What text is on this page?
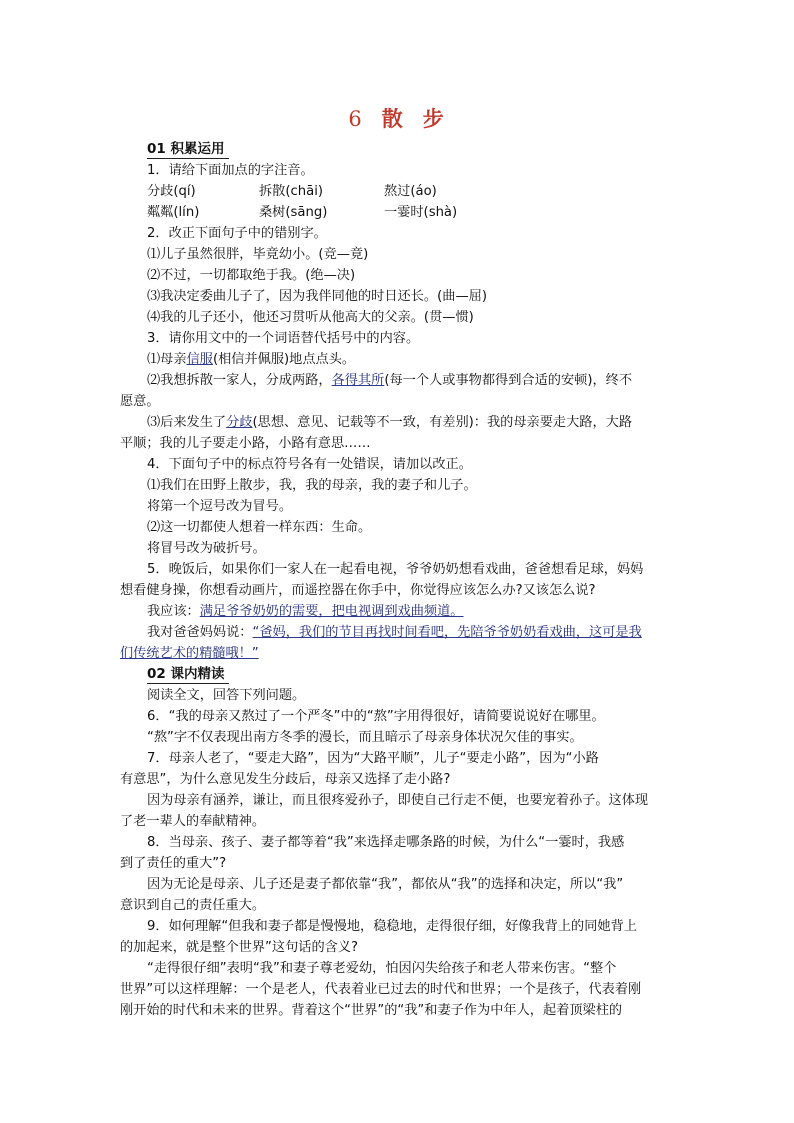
6 散 步
01 积累运用
1．请给下面加点的字注音。
分歧(qí)	拆散(chāi)	熬过(áo)
粼粼(lín)	桑树(sāng)	一霎时(shà)
2．改正下面句子中的错别字。
⑴儿子虽然很胖，毕竟幼小。(竞—竟)
⑵不过，一切都取绝于我。(绝—决)
⑶我决定委曲儿子了，因为我伴同他的时日还长。(曲—屈)
⑷我的儿子还小，他还习贯听从他高大的父亲。(贯—惯)
3．请你用文中的一个词语替代括号中的内容。
⑴母亲信服(相信并佩服)地点点头。
⑵我想拆散一家人，分成两路，各得其所(每一个人或事物都得到合适的安顿)，终不
愿意。
⑶后来发生了分歧(思想、意见、记载等不一致，有差别)：我的母亲要走大路，大路
平顺；我的儿子要走小路，小路有意思……
4．下面句子中的标点符号各有一处错误，请加以改正。
⑴我们在田野上散步，我，我的母亲，我的妻子和儿子。
将第一个逗号改为冒号。
⑵这一切都使人想着一样东西：生命。
将冒号改为破折号。
5．晚饭后，如果你们一家人在一起看电视，爷爷奶奶想看戏曲，爸爸想看足球，妈妈
想看健身操，你想看动画片，而遥控器在你手中，你觉得应该怎么办?又该怎么说?
我应该：满足爷爷奶奶的需要，把电视调到戏曲频道。
我对爸爸妈妈说：“爸妈，我们的节目再找时间看吧，先陪爷爷奶奶看戏曲，这可是我
们传统艺术的精髓哦！”
02 课内精读
阅读全文，回答下列问题。
6．“我的母亲又熬过了一个严冬”中的“熬”字用得很好，请简要说说好在哪里。
“熬”字不仅表现出南方冬季的漫长，而且暗示了母亲身体状况欠佳的事实。
7．母亲人老了，“要走大路”，因为“大路平顺”，儿子“要走小路”，因为“小路
有意思”，为什么意见发生分歧后，母亲又选择了走小路?
因为母亲有涵养，谦让，而且很疼爱孙子，即使自己行走不便，也要宠着孙子。这体现
了老一辈人的奉献精神。
8．当母亲、孩子、妻子都等着“我”来选择走哪条路的时候，为什么“一霎时，我感
到了责任的重大”?
因为无论是母亲、儿子还是妻子都依靠“我”，都依从“我”的选择和决定，所以“我”
意识到自己的责任重大。
9．如何理解“但我和妻子都是慢慢地，稳稳地，走得很仔细，好像我背上的同她背上
的加起来，就是整个世界”这句话的含义?
“走得很仔细”表明“我”和妻子尊老爱幼，怕因闪失给孩子和老人带来伤害。“整个
世界”可以这样理解：一个是老人，代表着业已过去的时代和世界；一个是孩子，代表着刚
刚开始的时代和未来的世界。背着这个“世界”的“我”和妻子作为中年人，起着顶梁柱的
